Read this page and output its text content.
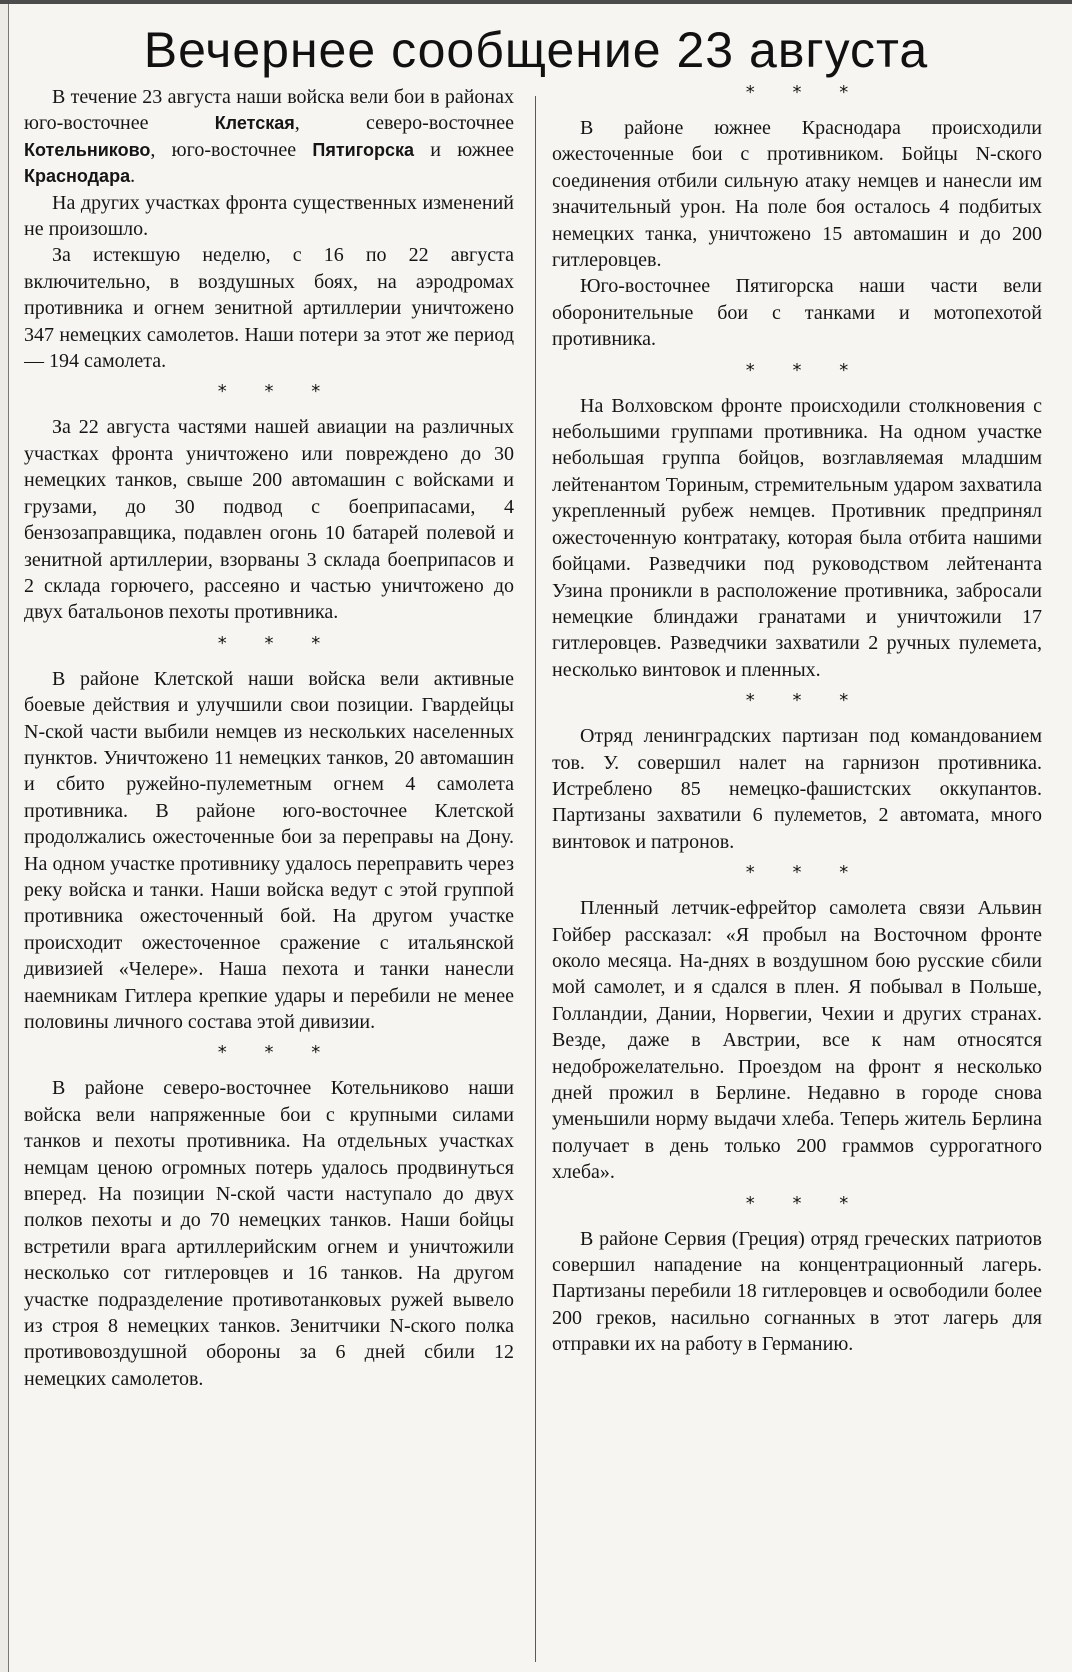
Вечернее сообщение 23 августа

В течение 23 августа наши войска вели бои в районах юго-восточнее Клетская, северо-восточнее Котельниково, юго-восточнее Пятигорска и южнее Краснодара.

На других участках фронта существенных изменений не произошло.

За истекшую неделю, с 16 по 22 августа включительно, в воздушных боях, на аэродромах противника и огнем зенитной артиллерии уничтожено 347 немецких самолетов. Наши потери за этот же период — 194 самолета.

* * *

За 22 августа частями нашей авиации на различных участках фронта уничтожено или повреждено до 30 немецких танков, свыше 200 автомашин с войсками и грузами, до 30 подвод с боеприпасами, 4 бензозаправщика, подавлен огонь 10 батарей полевой и зенитной артиллерии, взорваны 3 склада боеприпасов и 2 склада горючего, рассеяно и частью уничтожено до двух батальонов пехоты противника.

* * *

В районе Клетской наши войска вели активные боевые действия и улучшили свои позиции. Гвардейцы N-ской части выбили немцев из нескольких населенных пунктов. Уничтожено 11 немецких танков, 20 автомашин и сбито ружейно-пулеметным огнем 4 самолета противника. В районе юго-восточнее Клетской продолжались ожесточенные бои за переправы на Дону. На одном участке противнику удалось переправить через реку войска и танки. Наши войска ведут с этой группой противника ожесточенный бой. На другом участке происходит ожесточенное сражение с итальянской дивизией «Челере». Наша пехота и танки нанесли наемникам Гитлера крепкие удары и перебили не менее половины личного состава этой дивизии.

* * *

В районе северо-восточнее Котельниково наши войска вели напряженные бои с крупными силами танков и пехоты противника. На отдельных участках немцам ценою огромных потерь удалось продвинуться вперед. На позиции N-ской части наступало до двух полков пехоты и до 70 немецких танков. Наши бойцы встретили врага артиллерийским огнем и уничтожили несколько сот гитлеровцев и 16 танков. На другом участке подразделение противотанковых ружей вывело из строя 8 немецких танков. Зенитчики N-ского полка противовоздушной обороны за 6 дней сбили 12 немецких самолетов.

* * *

В районе южнее Краснодара происходили ожесточенные бои с противником. Бойцы N-ского соединения отбили сильную атаку немцев и нанесли им значительный урон. На поле боя осталось 4 подбитых немецких танка, уничтожено 15 автомашин и до 200 гитлеровцев.

Юго-восточнее Пятигорска наши части вели оборонительные бои с танками и мотопехотой противника.

* * *

На Волховском фронте происходили столкновения с небольшими группами противника. На одном участке небольшая группа бойцов, возглавляемая младшим лейтенантом Ториным, стремительным ударом захватила укрепленный рубеж немцев. Противник предпринял ожесточенную контратаку, которая была отбита нашими бойцами. Разведчики под руководством лейтенанта Узина проникли в расположение противника, забросали немецкие блиндажи гранатами и уничтожили 17 гитлеровцев. Разведчики захватили 2 ручных пулемета, несколько винтовок и пленных.

* * *

Отряд ленинградских партизан под командованием тов. У. совершил налет на гарнизон противника. Истреблено 85 немецко-фашистских оккупантов. Партизаны захватили 6 пулеметов, 2 автомата, много винтовок и патронов.

* * *

Пленный летчик-ефрейтор самолета связи Альвин Гойбер рассказал: «Я пробыл на Восточном фронте около месяца. На-днях в воздушном бою русские сбили мой самолет, и я сдался в плен. Я побывал в Польше, Голландии, Дании, Норвегии, Чехии и других странах. Везде, даже в Австрии, все к нам относятся недоброжелательно. Проездом на фронт я несколько дней прожил в Берлине. Недавно в городе снова уменьшили норму выдачи хлеба. Теперь житель Берлина получает в день только 200 граммов суррогатного хлеба».

* * *

В районе Сервия (Греция) отряд греческих патриотов совершил нападение на концентрационный лагерь. Партизаны перебили 18 гитлеровцев и освободили более 200 греков, насильно согнанных в этот лагерь для отправки их на работу в Германию.
